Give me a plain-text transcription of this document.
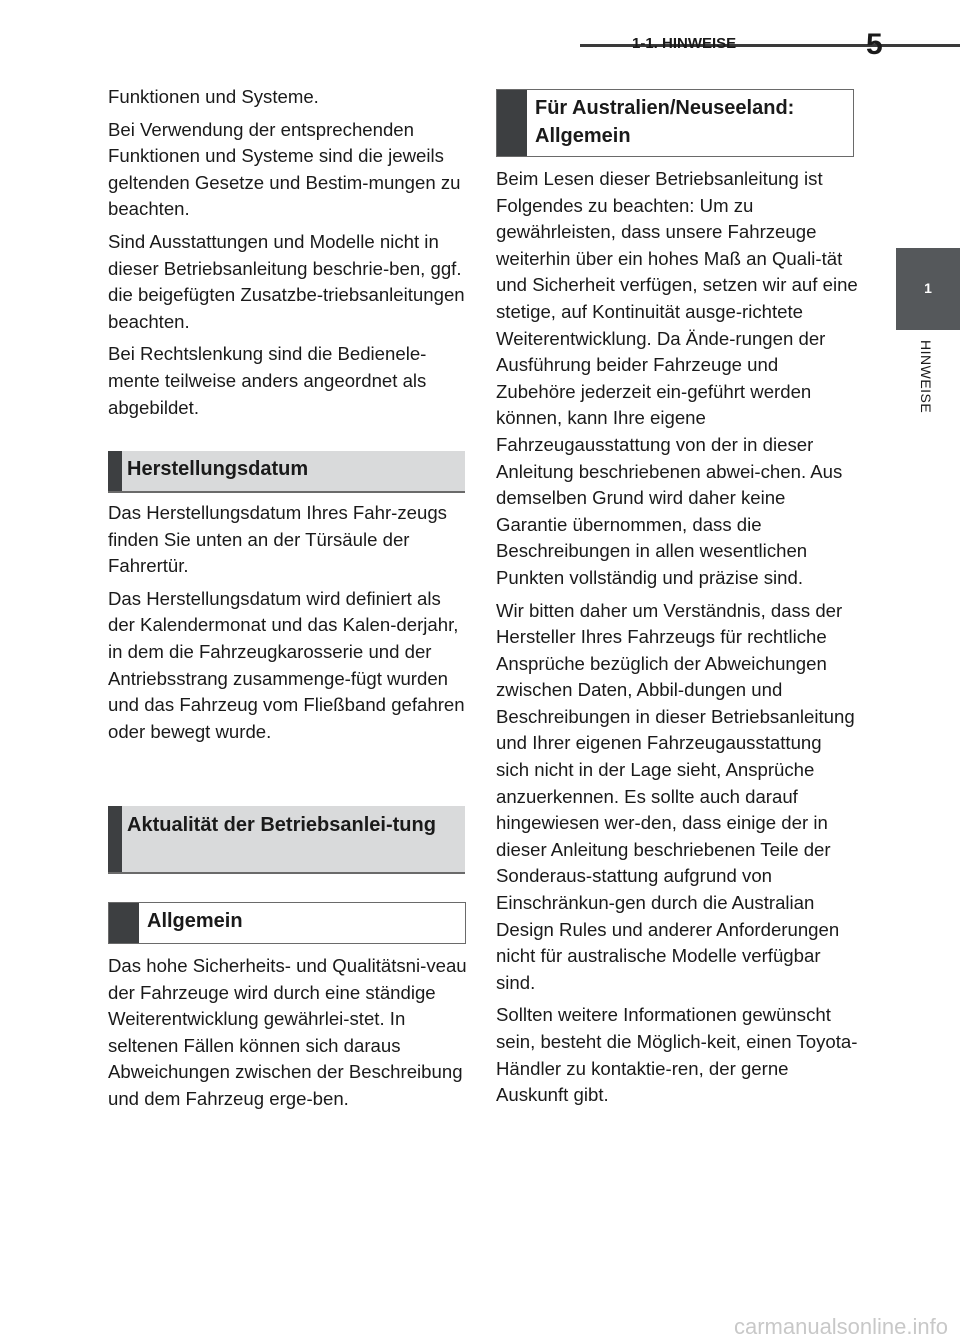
1-1. HINWEISE	5
1
HINWEISE

Funktionen und Systeme.

Bei Verwendung der entsprechenden Funktionen und Systeme sind die jeweils geltenden Gesetze und Bestim-mungen zu beachten.

Sind Ausstattungen und Modelle nicht in dieser Betriebsanleitung beschrie-ben, ggf. die beigefügten Zusatzbe-triebsanleitungen beachten.

Bei Rechtslenkung sind die Bedienele-mente teilweise anders angeordnet als abgebildet.

Herstellungsdatum

Das Herstellungsdatum Ihres Fahr-zeugs finden Sie unten an der Türsäule der Fahrertür.

Das Herstellungsdatum wird definiert als der Kalendermonat und das Kalen-derjahr, in dem die Fahrzeugkarosserie und der Antriebsstrang zusammenge-fügt wurden und das Fahrzeug vom Fließband gefahren oder bewegt wurde.

Aktualität der Betriebsanlei-tung
Allgemein

Das hohe Sicherheits- und Qualitätsni-veau der Fahrzeuge wird durch eine ständige Weiterentwicklung gewährlei-stet. In seltenen Fällen können sich daraus Abweichungen zwischen der Beschreibung und dem Fahrzeug erge-ben.

Für Australien/Neuseeland: Allgemein

Beim Lesen dieser Betriebsanleitung ist Folgendes zu beachten: Um zu gewährleisten, dass unsere Fahrzeuge weiterhin über ein hohes Maß an Quali-tät und Sicherheit verfügen, setzen wir auf eine stetige, auf Kontinuität ausge-richtete Weiterentwicklung. Da Ände-rungen der Ausführung beider Fahrzeuge und Zubehöre jederzeit ein-geführt werden können, kann Ihre eigene Fahrzeugausstattung von der in dieser Anleitung beschriebenen abwei-chen. Aus demselben Grund wird daher keine Garantie übernommen, dass die Beschreibungen in allen wesentlichen Punkten vollständig und präzise sind.

Wir bitten daher um Verständnis, dass der Hersteller Ihres Fahrzeugs für rechtliche Ansprüche bezüglich der Abweichungen zwischen Daten, Abbil-dungen und Beschreibungen in dieser Betriebsanleitung und Ihrer eigenen Fahrzeugausstattung sich nicht in der Lage sieht, Ansprüche anzuerkennen. Es sollte auch darauf hingewiesen wer-den, dass einige der in dieser Anleitung beschriebenen Teile der Sonderaus-stattung aufgrund von Einschränkun-gen durch die Australian Design Rules und anderer Anforderungen nicht für australische Modelle verfügbar sind.

Sollten weitere Informationen gewünscht sein, besteht die Möglich-keit, einen Toyota-Händler zu kontaktie-ren, der gerne Auskunft gibt.

carmanualsonline.info
